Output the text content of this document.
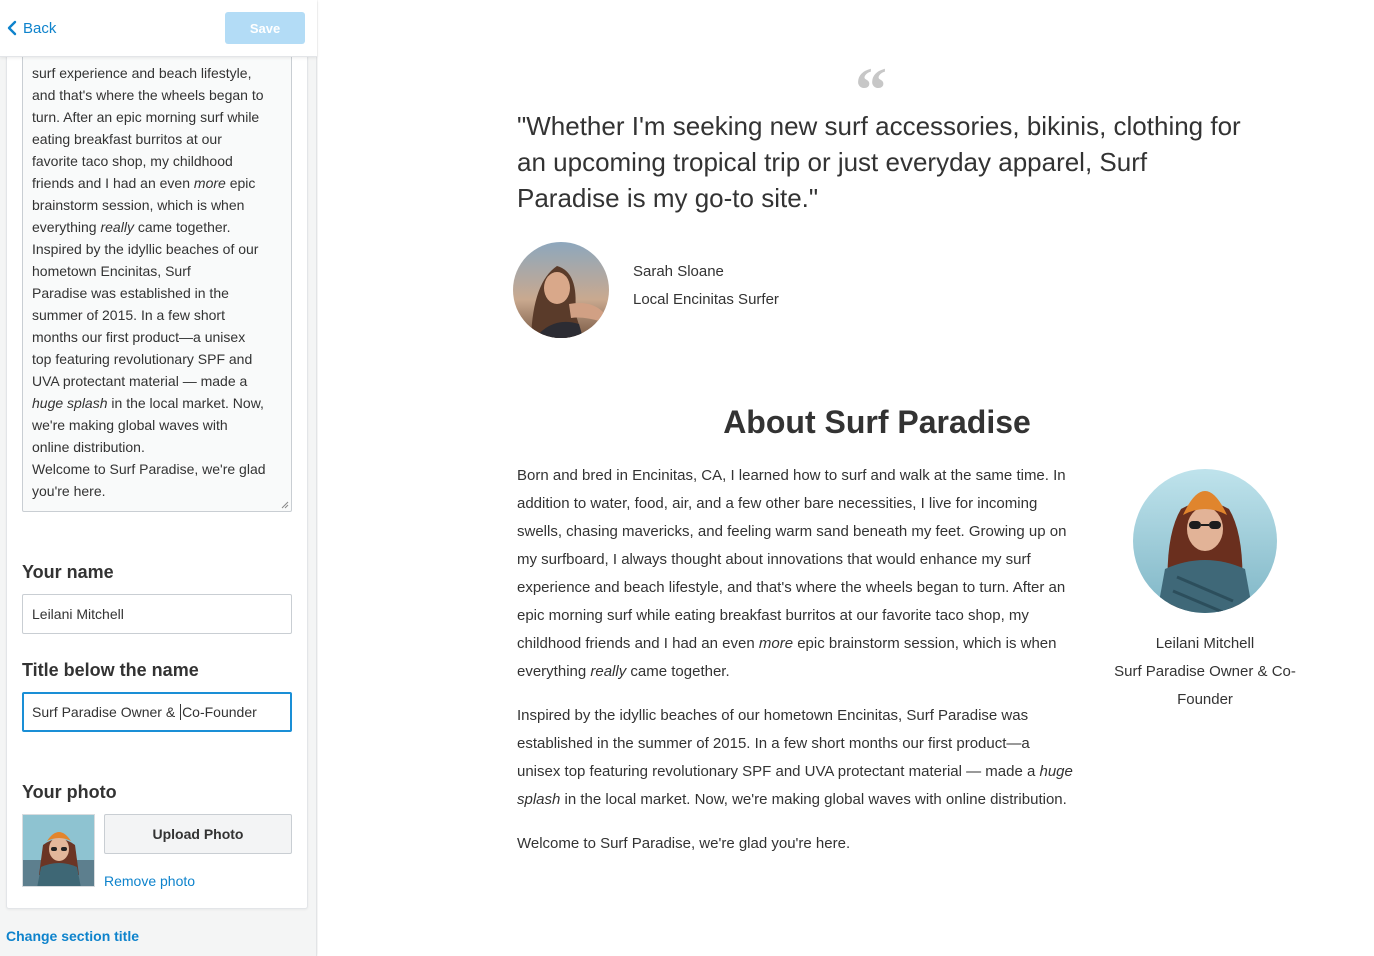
surf experience and beach lifestyle,

and that's where the wheels began to

turn. After an epic morning surf while

eating breakfast burritos at our

favorite taco shop, my childhood

friends and I had an even more epic

brainstorm session, which is when

everything really came together.

Inspired by the idyllic beaches of our

hometown Encinitas, Surf

Paradise was established in the

summer of 2015. In a few short

months our first product—a unisex

top featuring revolutionary SPF and

UVA protectant material — made a

huge splash in the local market. Now,

we're making global waves with

online distribution.

Welcome to Surf Paradise, we're glad

you're here.

Your name
Leilani Mitchell
Title below the name
Surf Paradise Owner & Co-Founder
Your photo
Upload Photo
Remove photo
Change section title
Back	Save
“
"Whether I'm seeking new surf accessories, bikinis, clothing for an upcoming tropical trip or just everyday apparel, Surf Paradise is my go-to site."
Sarah Sloane
Local Encinitas Surfer
About Surf Paradise

Born and bred in Encinitas, CA, I learned how to surf and walk at the same time. In addition to water, food, air, and a few other bare necessities, I live for incoming swells, chasing mavericks, and feeling warm sand beneath my feet. Growing up on my surfboard, I always thought about innovations that would enhance my surf experience and beach lifestyle, and that's where the wheels began to turn. After an epic morning surf while eating breakfast burritos at our favorite taco shop, my childhood friends and I had an even more epic brainstorm session, which is when everything really came together.

Inspired by the idyllic beaches of our hometown Encinitas, Surf Paradise was established in the summer of 2015. In a few short months our first product—a unisex top featuring revolutionary SPF and UVA protectant material — made a huge splash in the local market. Now, we're making global waves with online distribution.

Welcome to Surf Paradise, we're glad you're here.

Leilani Mitchell
Surf Paradise Owner & Co-
Founder
